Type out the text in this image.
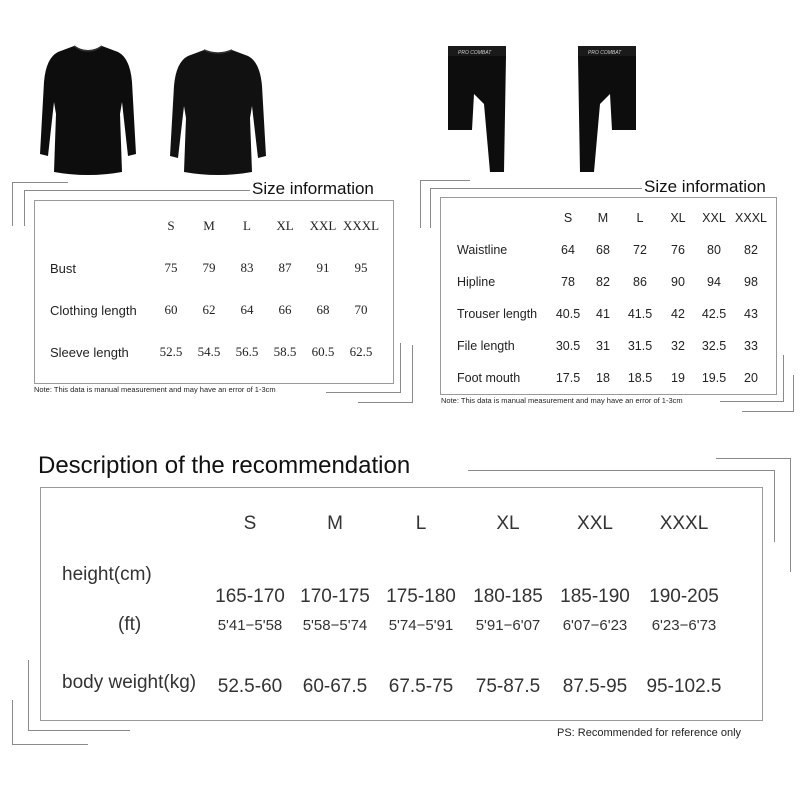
PRO COMBAT	PRO COMBAT
Size information
	S	M	L	XL	XXL	XXXL
Bust	75	79	83	87	91	95
Clothing length	60	62	64	66	68	70
Sleeve length	52.5	54.5	56.5	58.5	60.5	62.5
Note: This data is manual measurement and may have an error of 1-3cm
Size information
	S	M	L	XL	XXL	XXXL
Waistline	64	68	72	76	80	82
Hipline	78	82	86	90	94	98
Trouser length	40.5	41	41.5	42	42.5	43
File length	30.5	31	31.5	32	32.5	33
Foot mouth	17.5	18	18.5	19	19.5	20
Note: This data is manual measurement and may have an error of 1-3cm
Description of the recommendation
	S	M	L	XL	XXL	XXXL
height(cm)	165-170	170-175	175-180	180-185	185-190	190-205
(ft)	5'41−5'58	5'58−5'74	5'74−5'91	5'91−6'07	6'07−6'23	6'23−6'73
body weight(kg)	52.5-60	60-67.5	67.5-75	75-87.5	87.5-95	95-102.5
PS: Recommended for reference only
